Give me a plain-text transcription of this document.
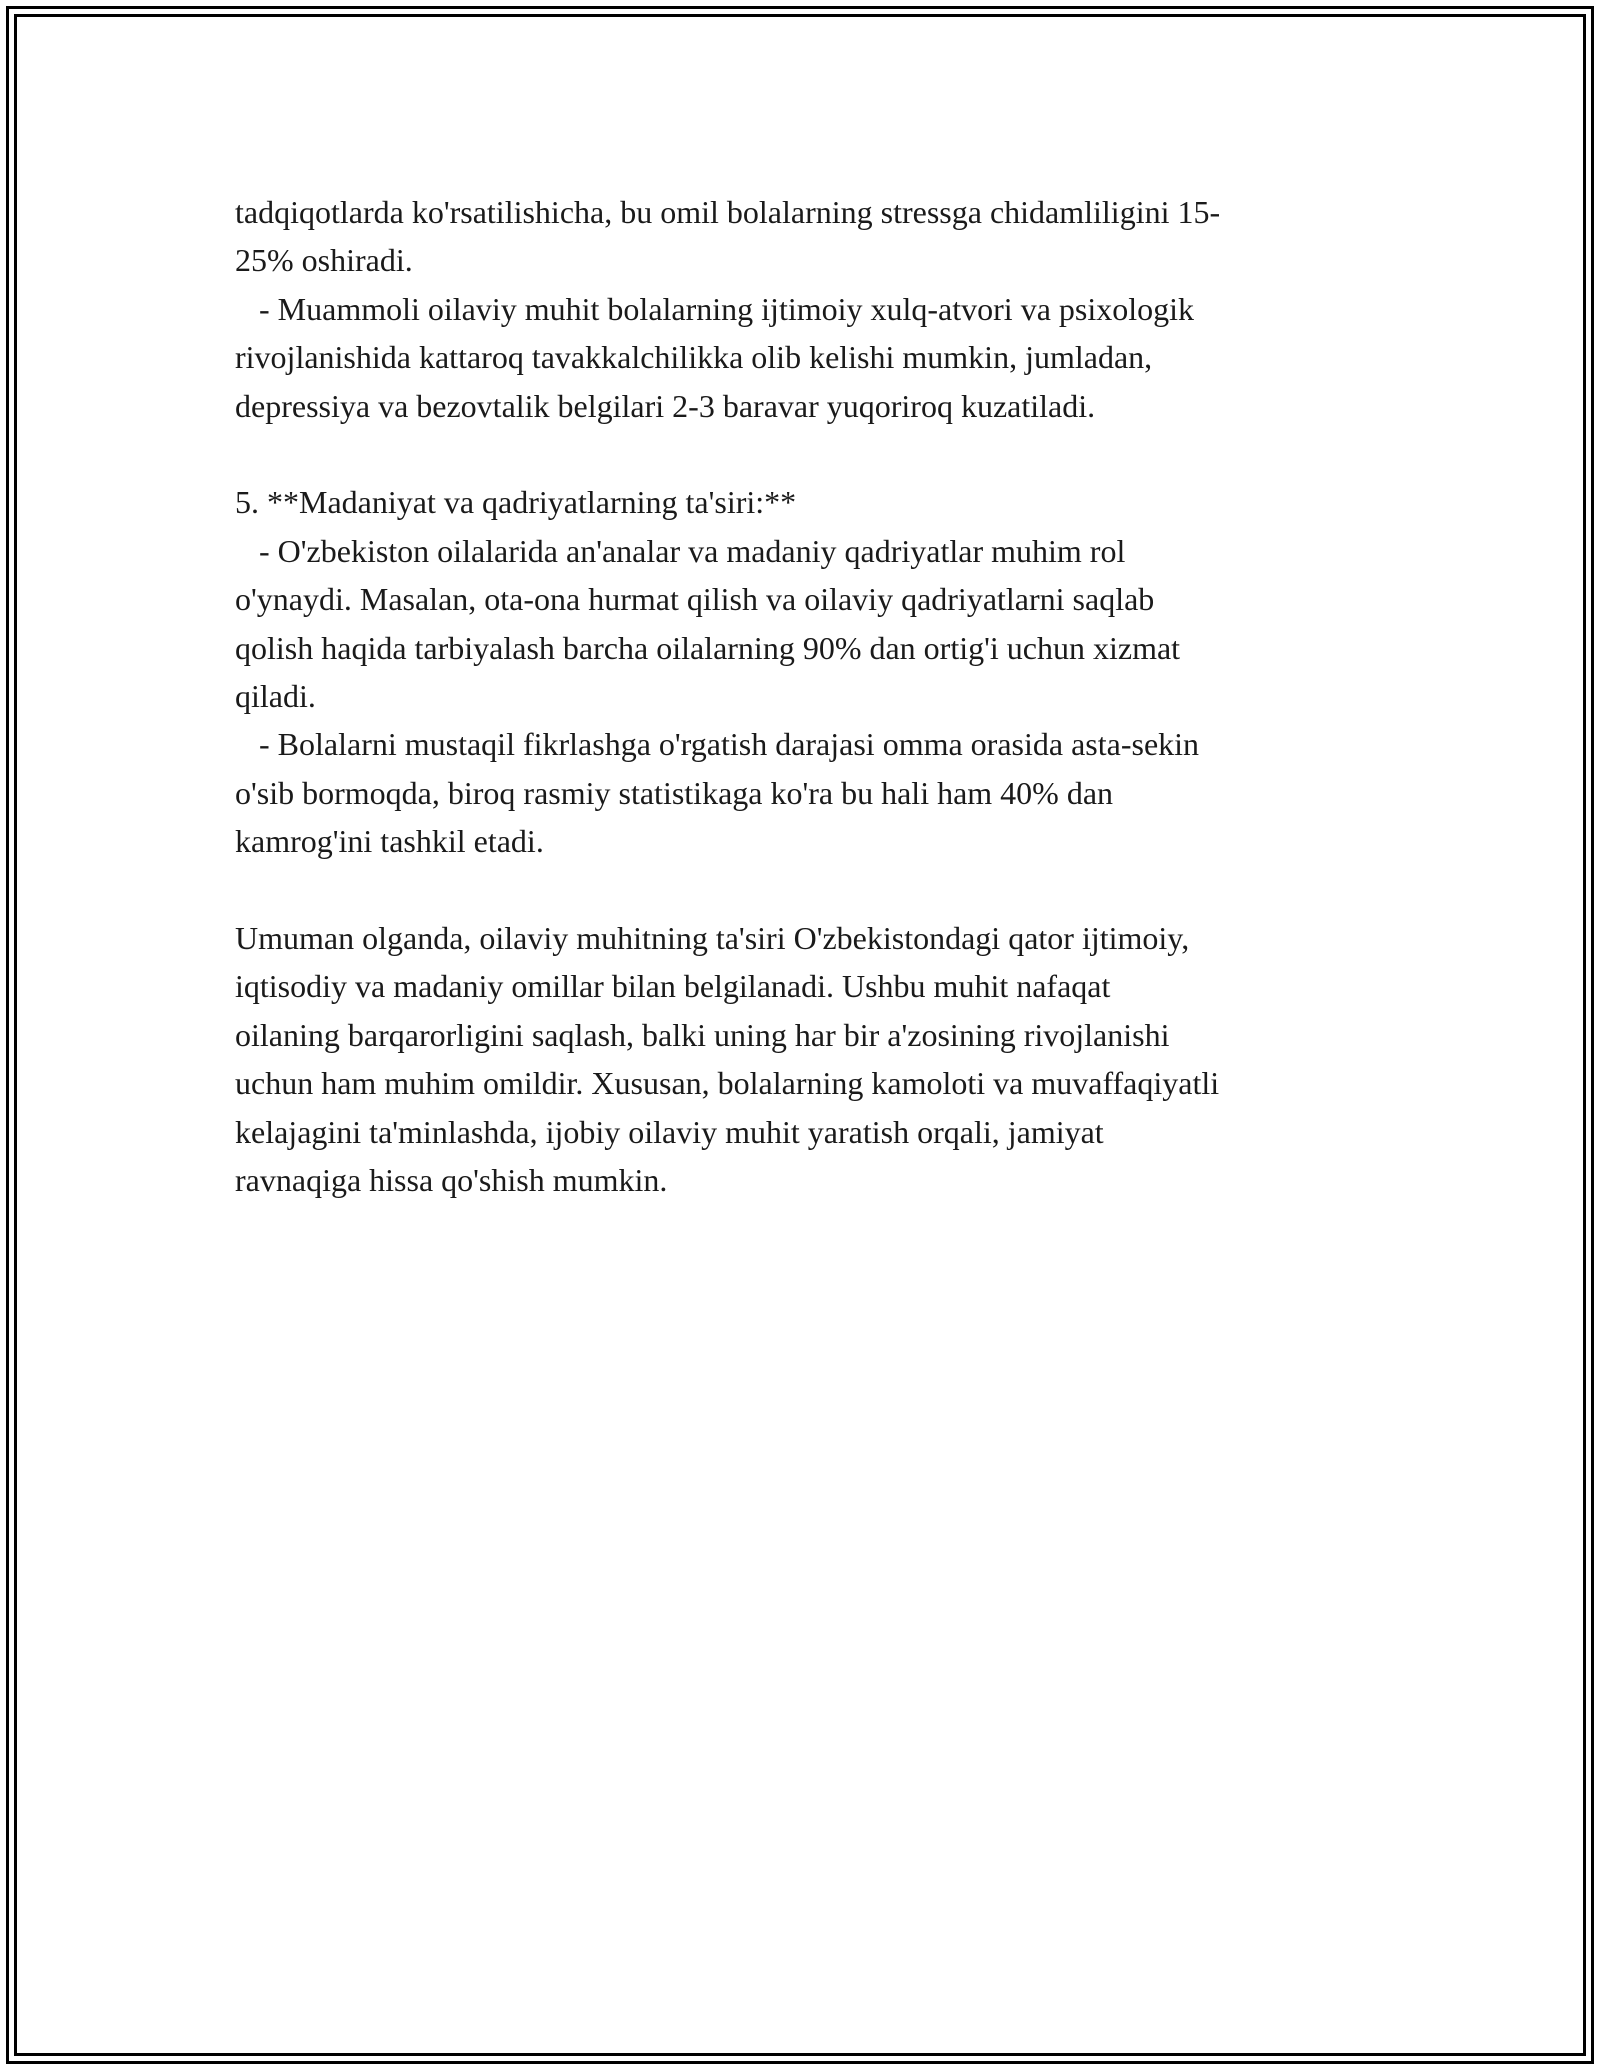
tadqiqotlarda ko'rsatilishicha, bu omil bolalarning stressga chidamliligini 15-
25% oshiradi.
- Muammoli oilaviy muhit bolalarning ijtimoiy xulq-atvori va psixologik
rivojlanishida kattaroq tavakkalchilikka olib kelishi mumkin, jumladan,
depressiya va bezovtalik belgilari 2-3 baravar yuqoriroq kuzatiladi.
5. **Madaniyat va qadriyatlarning ta'siri:**
- O'zbekiston oilalarida an'analar va madaniy qadriyatlar muhim rol
o'ynaydi. Masalan, ota-ona hurmat qilish va oilaviy qadriyatlarni saqlab
qolish haqida tarbiyalash barcha oilalarning 90% dan ortig'i uchun xizmat
qiladi.
- Bolalarni mustaqil fikrlashga o'rgatish darajasi omma orasida asta-sekin
o'sib bormoqda, biroq rasmiy statistikaga ko'ra bu hali ham 40% dan
kamrog'ini tashkil etadi.
Umuman olganda, oilaviy muhitning ta'siri O'zbekistondagi qator ijtimoiy,
iqtisodiy va madaniy omillar bilan belgilanadi. Ushbu muhit nafaqat
oilaning barqarorligini saqlash, balki uning har bir a'zosining rivojlanishi
uchun ham muhim omildir. Xususan, bolalarning kamoloti va muvaffaqiyatli
kelajagini ta'minlashda, ijobiy oilaviy muhit yaratish orqali, jamiyat
ravnaqiga hissa qo'shish mumkin.
